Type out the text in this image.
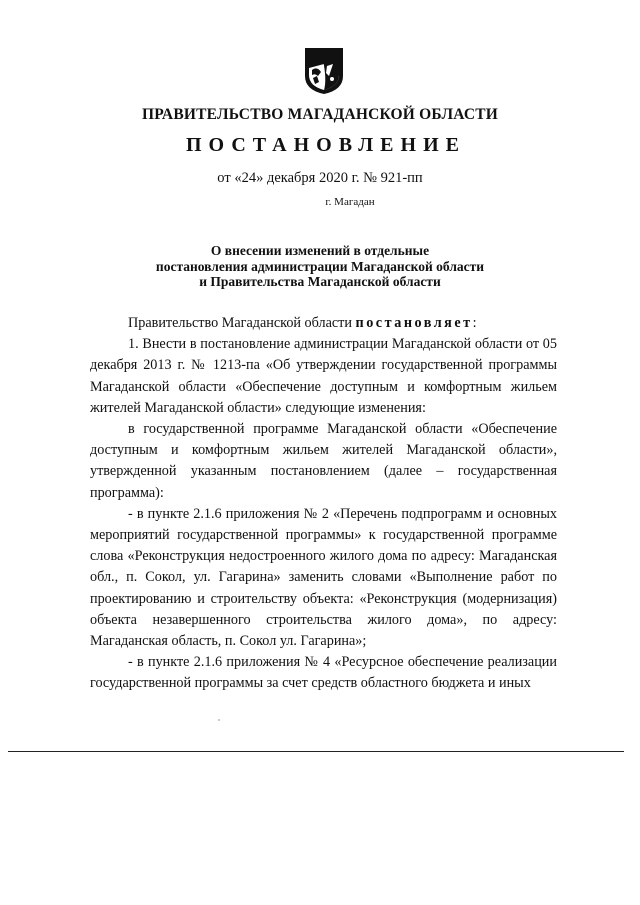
ПРАВИТЕЛЬСТВО МАГАДАНСКОЙ ОБЛАСТИ
ПОСТАНОВЛЕНИЕ
от «24» декабря 2020 г. № 921-пп
г. Магадан
О внесении изменений в отдельные
постановления администрации Магаданской области
и Правительства Магаданской области

Правительство Магаданской области постановляет:

1. Внести в постановление администрации Магаданской области от 05 декабря 2013 г. № 1213-па «Об утверждении государственной программы Магаданской области «Обеспечение доступным и комфортным жильем жителей Магаданской области» следующие изменения:

в государственной программе Магаданской области «Обеспечение доступным и комфортным жильем жителей Магаданской области», утвержденной указанным постановлением (далее – государственная программа):

- в пункте 2.1.6 приложения № 2 «Перечень подпрограмм и основных мероприятий государственной программы» к государственной программе слова «Реконструкция недостроенного жилого дома по адресу: Магаданская обл., п. Сокол, ул. Гагарина» заменить словами «Выполнение работ по проектированию и строительству объекта: «Реконструкция (модернизация) объекта незавершенного строительства жилого дома», по адресу: Магаданская область, п. Сокол ул. Гагарина»;

- в пункте 2.1.6 приложения № 4 «Ресурсное обеспечение реализации государственной программы за счет средств областного бюджета и иных
